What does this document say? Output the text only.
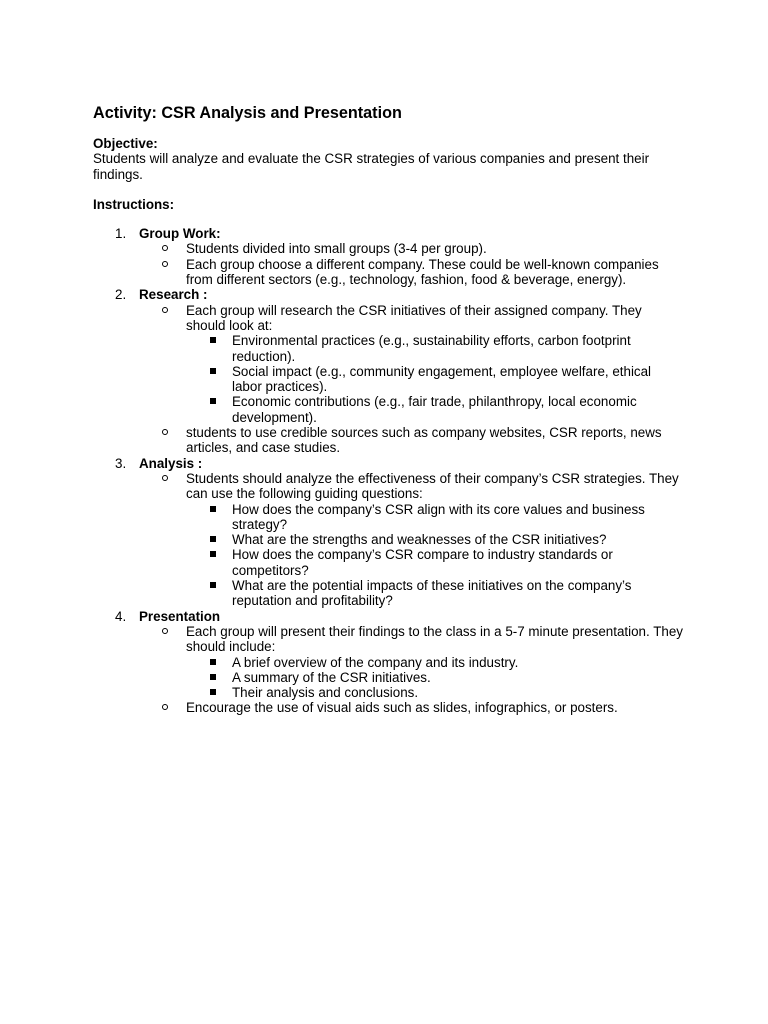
Activity: CSR Analysis and Presentation
Objective:
Students will analyze and evaluate the CSR strategies of various companies and present their findings.
Instructions:
1. Group Work:
Students divided into small groups (3-4 per group).
Each group choose a different company. These could be well-known companies from different sectors (e.g., technology, fashion, food & beverage, energy).
2. Research :
Each group will research the CSR initiatives of their assigned company. They should look at:
Environmental practices (e.g., sustainability efforts, carbon footprint reduction).
Social impact (e.g., community engagement, employee welfare, ethical labor practices).
Economic contributions (e.g., fair trade, philanthropy, local economic development).
students to use credible sources such as company websites, CSR reports, news articles, and case studies.
3. Analysis :
Students should analyze the effectiveness of their company’s CSR strategies. They can use the following guiding questions:
How does the company’s CSR align with its core values and business strategy?
What are the strengths and weaknesses of the CSR initiatives?
How does the company’s CSR compare to industry standards or competitors?
What are the potential impacts of these initiatives on the company’s reputation and profitability?
4. Presentation
Each group will present their findings to the class in a 5-7 minute presentation. They should include:
A brief overview of the company and its industry.
A summary of the CSR initiatives.
Their analysis and conclusions.
Encourage the use of visual aids such as slides, infographics, or posters.
